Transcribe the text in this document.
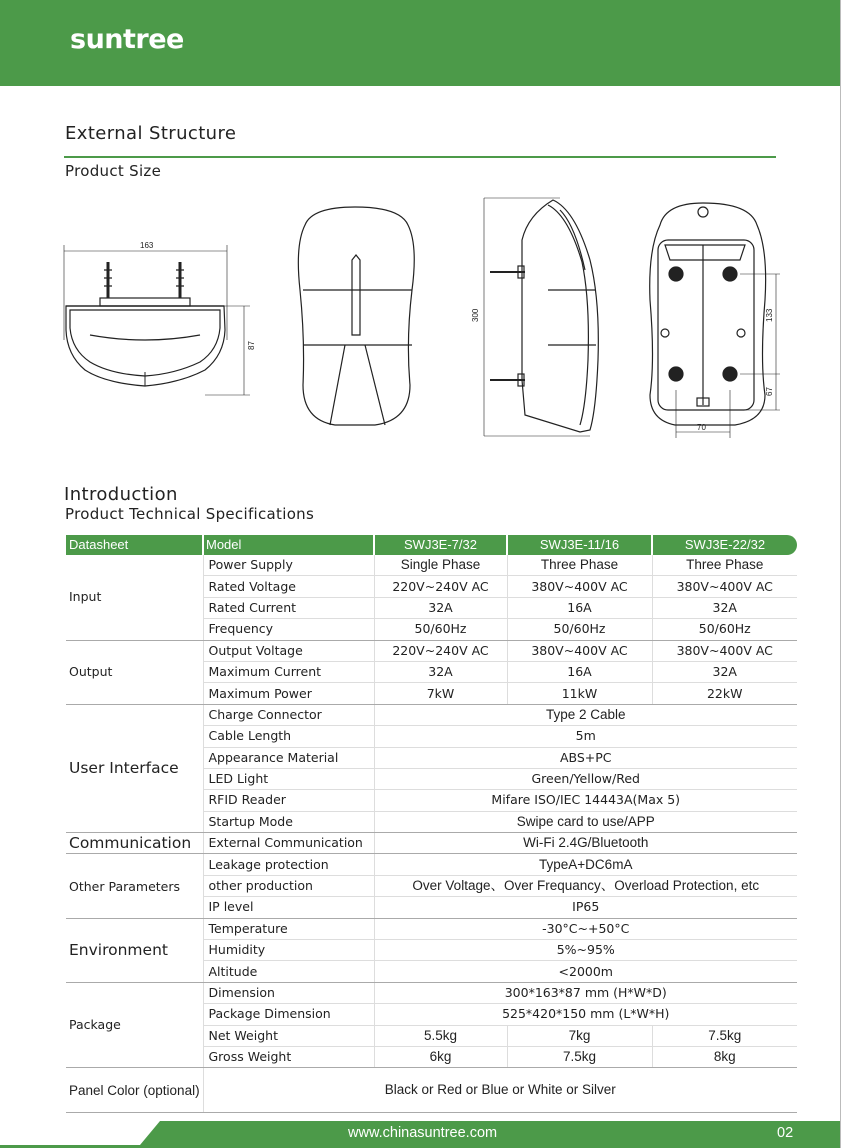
suntree
External Structure
Product Size
163
87
300	133
67
70
Introduction
Product Technical Specifications
Datasheet	Model	SWJ3E-7/32	SWJ3E-11/16	SWJ3E-22/32
Input	Power Supply	Single Phase	Three Phase	Three Phase
	Rated Voltage	220V~240V AC	380V~400V AC	380V~400V AC
	Rated Current	32A	16A	32A
	Frequency	50/60Hz	50/60Hz	50/60Hz
Output	Output Voltage	220V~240V AC	380V~400V AC	380V~400V AC
	Maximum Current	32A	16A	32A
	Maximum Power	7kW	11kW	22kW
User Interface	Charge Connector	Type 2 Cable		
	Cable Length	5m		
	Appearance Material	ABS+PC		
	LED Light	Green/Yellow/Red		
	RFID Reader	Mifare ISO/IEC 14443A(Max 5)		
	Startup Mode	Swipe card to use/APP		
Communication	External Communication	Wi-Fi 2.4G/Bluetooth		
Other Parameters	Leakage protection	TypeA+DC6mA		
	other production	Over Voltage、Over Frequancy、Overload Protection, etc		
	IP level	IP65		
Environment	Temperature	-30°C~+50°C		
	Humidity	5%~95%		
	Altitude	<2000m		
Package	Dimension	300*163*87 mm (H*W*D)		
	Package Dimension	525*420*150 mm (L*W*H)		
	Net Weight	5.5kg	7kg	7.5kg
	Gross Weight	6kg	7.5kg	8kg
Panel Color (optional)	Black or Red or Blue or White or Silver			
www.chinasuntree.com	02
